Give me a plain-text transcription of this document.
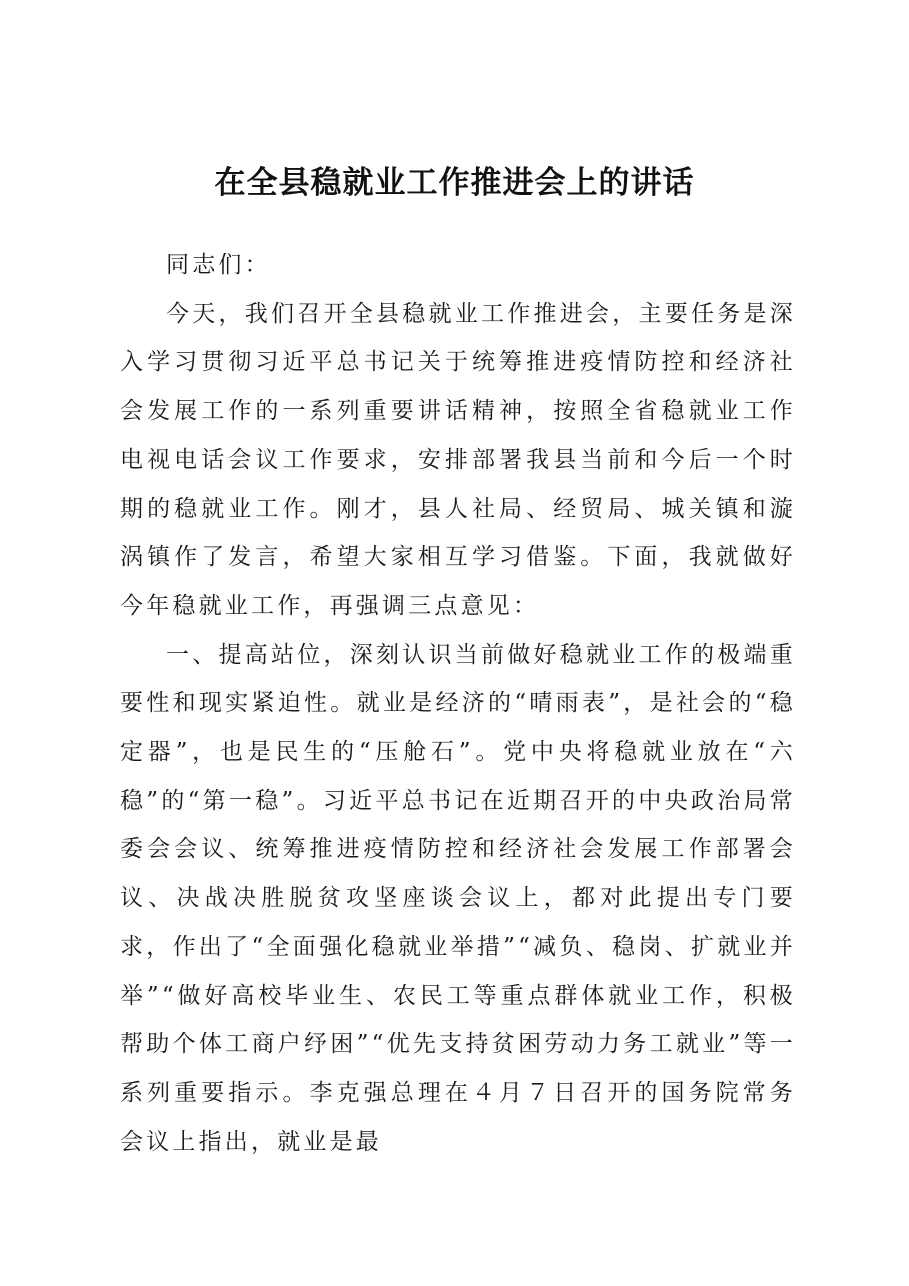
在全县稳就业工作推进会上的讲话

同志们：

今天，我们召开全县稳就业工作推进会，主要任务是深入学习贯彻习近平总书记关于统筹推进疫情防控和经济社会发展工作的一系列重要讲话精神，按照全省稳就业工作电视电话会议工作要求，安排部署我县当前和今后一个时期的稳就业工作。刚才，县人社局、经贸局、城关镇和漩涡镇作了发言，希望大家相互学习借鉴。下面，我就做好今年稳就业工作，再强调三点意见：

一、提高站位，深刻认识当前做好稳就业工作的极端重要性和现实紧迫性。就业是经济的“晴雨表”，是社会的“稳定器”，也是民生的“压舱石”。党中央将稳就业放在“六稳”的“第一稳”。习近平总书记在近期召开的中央政治局常委会会议、统筹推进疫情防控和经济社会发展工作部署会议、决战决胜脱贫攻坚座谈会议上，都对此提出专门要求，作出了“全面强化稳就业举措”“减负、稳岗、扩就业并举”“做好高校毕业生、农民工等重点群体就业工作，积极帮助个体工商户纾困”“优先支持贫困劳动力务工就业”等一系列重要指示。李克强总理在４月７日召开的国务院常务会议上指出，就业是最
